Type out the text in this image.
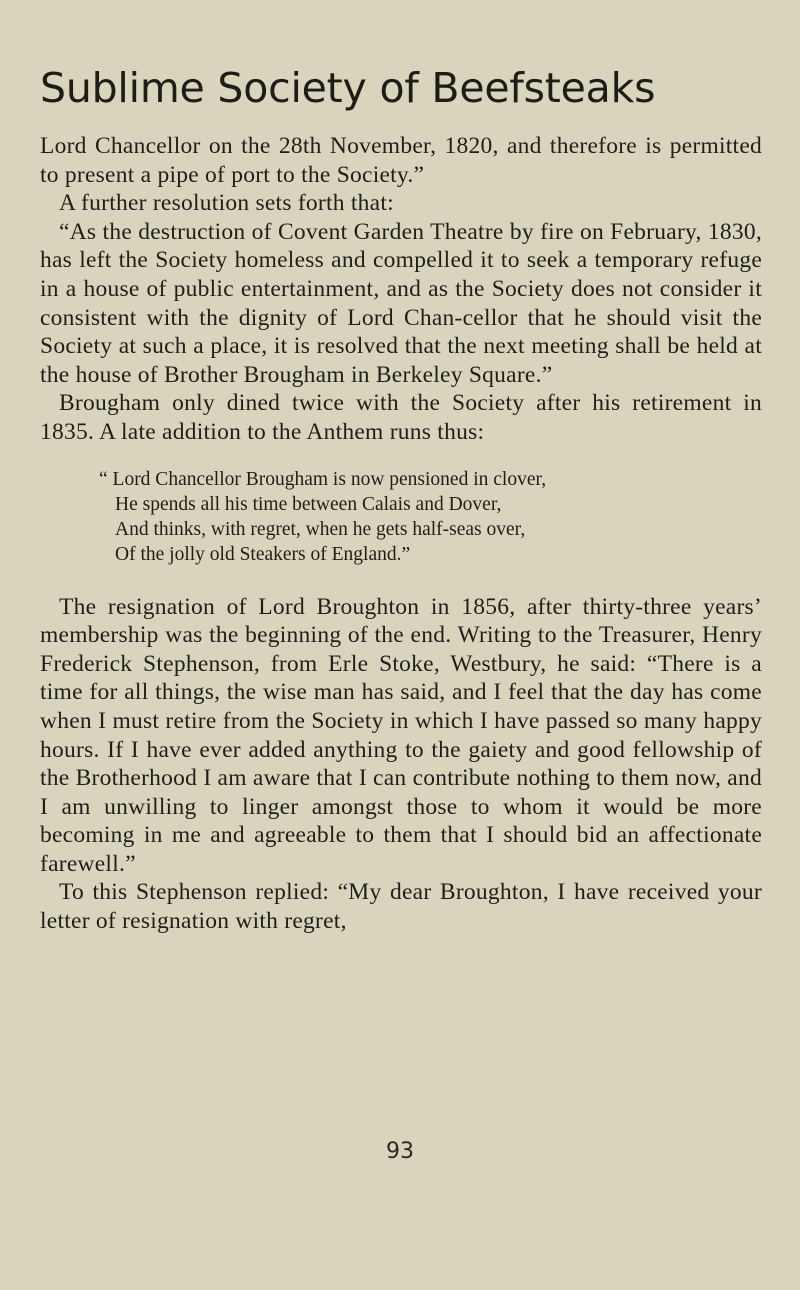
Sublime Society of Beefsteaks

Lord Chancellor on the 28th November, 1820, and therefore is permitted to present a pipe of port to the Society.”

A further resolution sets forth that:

“As the destruction of Covent Garden Theatre by fire on February, 1830, has left the Society homeless and compelled it to seek a temporary refuge in a house of public entertainment, and as the Society does not consider it consistent with the dignity of Lord Chan-cellor that he should visit the Society at such a place, it is resolved that the next meeting shall be held at the house of Brother Brougham in Berkeley Square.”

Brougham only dined twice with the Society after his retirement in 1835. A late addition to the Anthem runs thus:

“ Lord Chancellor Brougham is now pensioned in clover,
He spends all his time between Calais and Dover,
And thinks, with regret, when he gets half-seas over,
Of the jolly old Steakers of England.”

The resignation of Lord Broughton in 1856, after thirty-three years’ membership was the beginning of the end. Writing to the Treasurer, Henry Frederick Stephenson, from Erle Stoke, Westbury, he said: “There is a time for all things, the wise man has said, and I feel that the day has come when I must retire from the Society in which I have passed so many happy hours. If I have ever added anything to the gaiety and good fellowship of the Brotherhood I am aware that I can contribute nothing to them now, and I am unwilling to linger amongst those to whom it would be more becoming in me and agreeable to them that I should bid an affectionate farewell.”

To this Stephenson replied: “My dear Broughton, I have received your letter of resignation with regret,

93
